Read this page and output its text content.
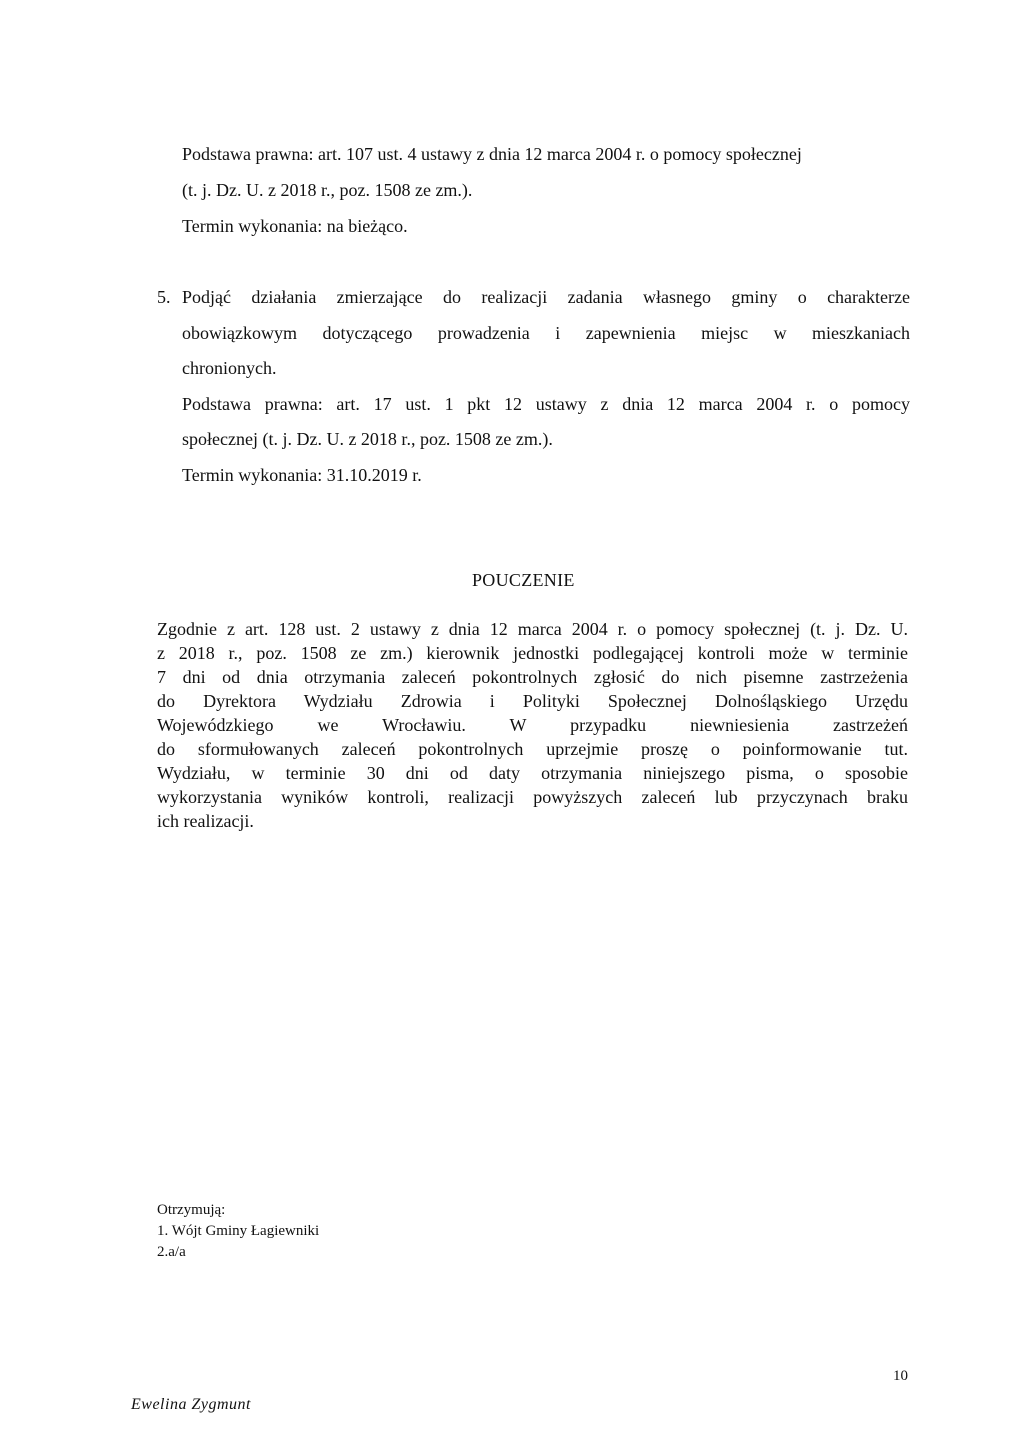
Podstawa prawna: art. 107 ust. 4 ustawy z dnia 12 marca 2004 r. o pomocy społecznej
(t. j. Dz. U. z 2018 r., poz. 1508 ze zm.).
Termin wykonania: na bieżąco.
5. Podjąć działania zmierzające do realizacji zadania własnego gminy o charakterze
obowiązkowym dotyczącego prowadzenia i zapewnienia miejsc w mieszkaniach
chronionych.
Podstawa prawna: art. 17 ust. 1 pkt 12 ustawy z dnia 12 marca 2004 r. o pomocy
społecznej (t. j. Dz. U. z 2018 r., poz. 1508 ze zm.).
Termin wykonania: 31.10.2019 r.
POUCZENIE
Zgodnie z art. 128 ust. 2 ustawy z dnia 12 marca 2004 r. o pomocy społecznej (t. j. Dz. U.
z 2018 r., poz. 1508 ze zm.) kierownik jednostki podlegającej kontroli może w terminie
7 dni od dnia otrzymania zaleceń pokontrolnych zgłosić do nich pisemne zastrzeżenia
do Dyrektora Wydziału Zdrowia i Polityki Społecznej Dolnośląskiego Urzędu
Wojewódzkiego we Wrocławiu. W przypadku niewniesienia zastrzeżeń
do sformułowanych zaleceń pokontrolnych uprzejmie proszę o poinformowanie tut.
Wydziału, w terminie 30 dni od daty otrzymania niniejszego pisma, o sposobie
wykorzystania wyników kontroli, realizacji powyższych zaleceń lub przyczynach braku
ich realizacji.
Otrzymują:
1. Wójt Gminy Łagiewniki
2.a/a
10
Ewelina Zygmunt
